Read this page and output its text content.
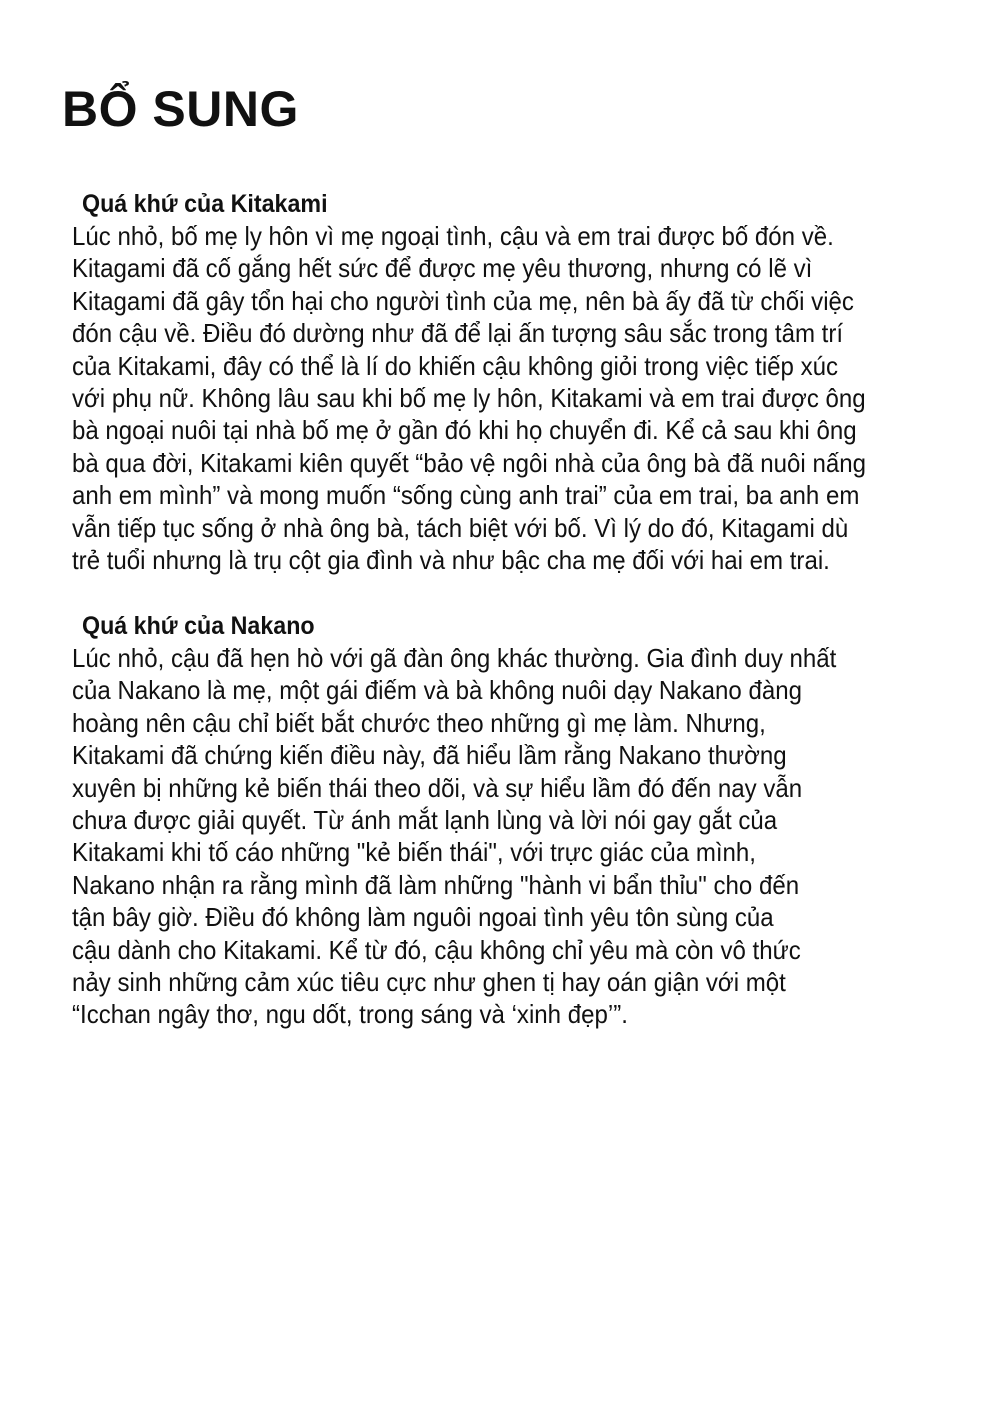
BỔ SUNG
Quá khứ của Kitakami
Lúc nhỏ, bố mẹ ly hôn vì mẹ ngoại tình, cậu và em trai được bố đón về.
Kitagami đã cố gắng hết sức để được mẹ yêu thương, nhưng có lẽ vì
Kitagami đã gây tổn hại cho người tình của mẹ, nên bà ấy đã từ chối việc
đón cậu về. Điều đó dường như đã để lại ấn tượng sâu sắc trong tâm trí
của Kitakami, đây có thể là lí do khiến cậu không giỏi trong việc tiếp xúc
với phụ nữ. Không lâu sau khi bố mẹ ly hôn, Kitakami và em trai được ông
bà ngoại nuôi tại nhà bố mẹ ở gần đó khi họ chuyển đi. Kể cả sau khi ông
bà qua đời, Kitakami kiên quyết “bảo vệ ngôi nhà của ông bà đã nuôi nấng
anh em mình” và mong muốn “sống cùng anh trai” của em trai, ba anh em
vẫn tiếp tục sống ở nhà ông bà, tách biệt với bố. Vì lý do đó, Kitagami dù
trẻ tuổi nhưng là trụ cột gia đình và như bậc cha mẹ đối với hai em trai.
Quá khứ của Nakano
Lúc nhỏ, cậu đã hẹn hò với gã đàn ông khác thường. Gia đình duy nhất
của Nakano là mẹ, một gái điếm và bà không nuôi dạy Nakano đàng
hoàng nên cậu chỉ biết bắt chước theo những gì mẹ làm. Nhưng,
Kitakami đã chứng kiến điều này, đã hiểu lầm rằng Nakano thường
xuyên bị những kẻ biến thái theo dõi, và sự hiểu lầm đó đến nay vẫn
chưa được giải quyết. Từ ánh mắt lạnh lùng và lời nói gay gắt của
Kitakami khi tố cáo những "kẻ biến thái", với trực giác của mình,
Nakano nhận ra rằng mình đã làm những "hành vi bẩn thỉu" cho đến
tận bây giờ. Điều đó không làm nguôi ngoai tình yêu tôn sùng của
cậu dành cho Kitakami. Kể từ đó, cậu không chỉ yêu mà còn vô thức
nảy sinh những cảm xúc tiêu cực như ghen tị hay oán giận với một
“Icchan ngây thơ, ngu dốt, trong sáng và ‘xinh đẹp’”.
